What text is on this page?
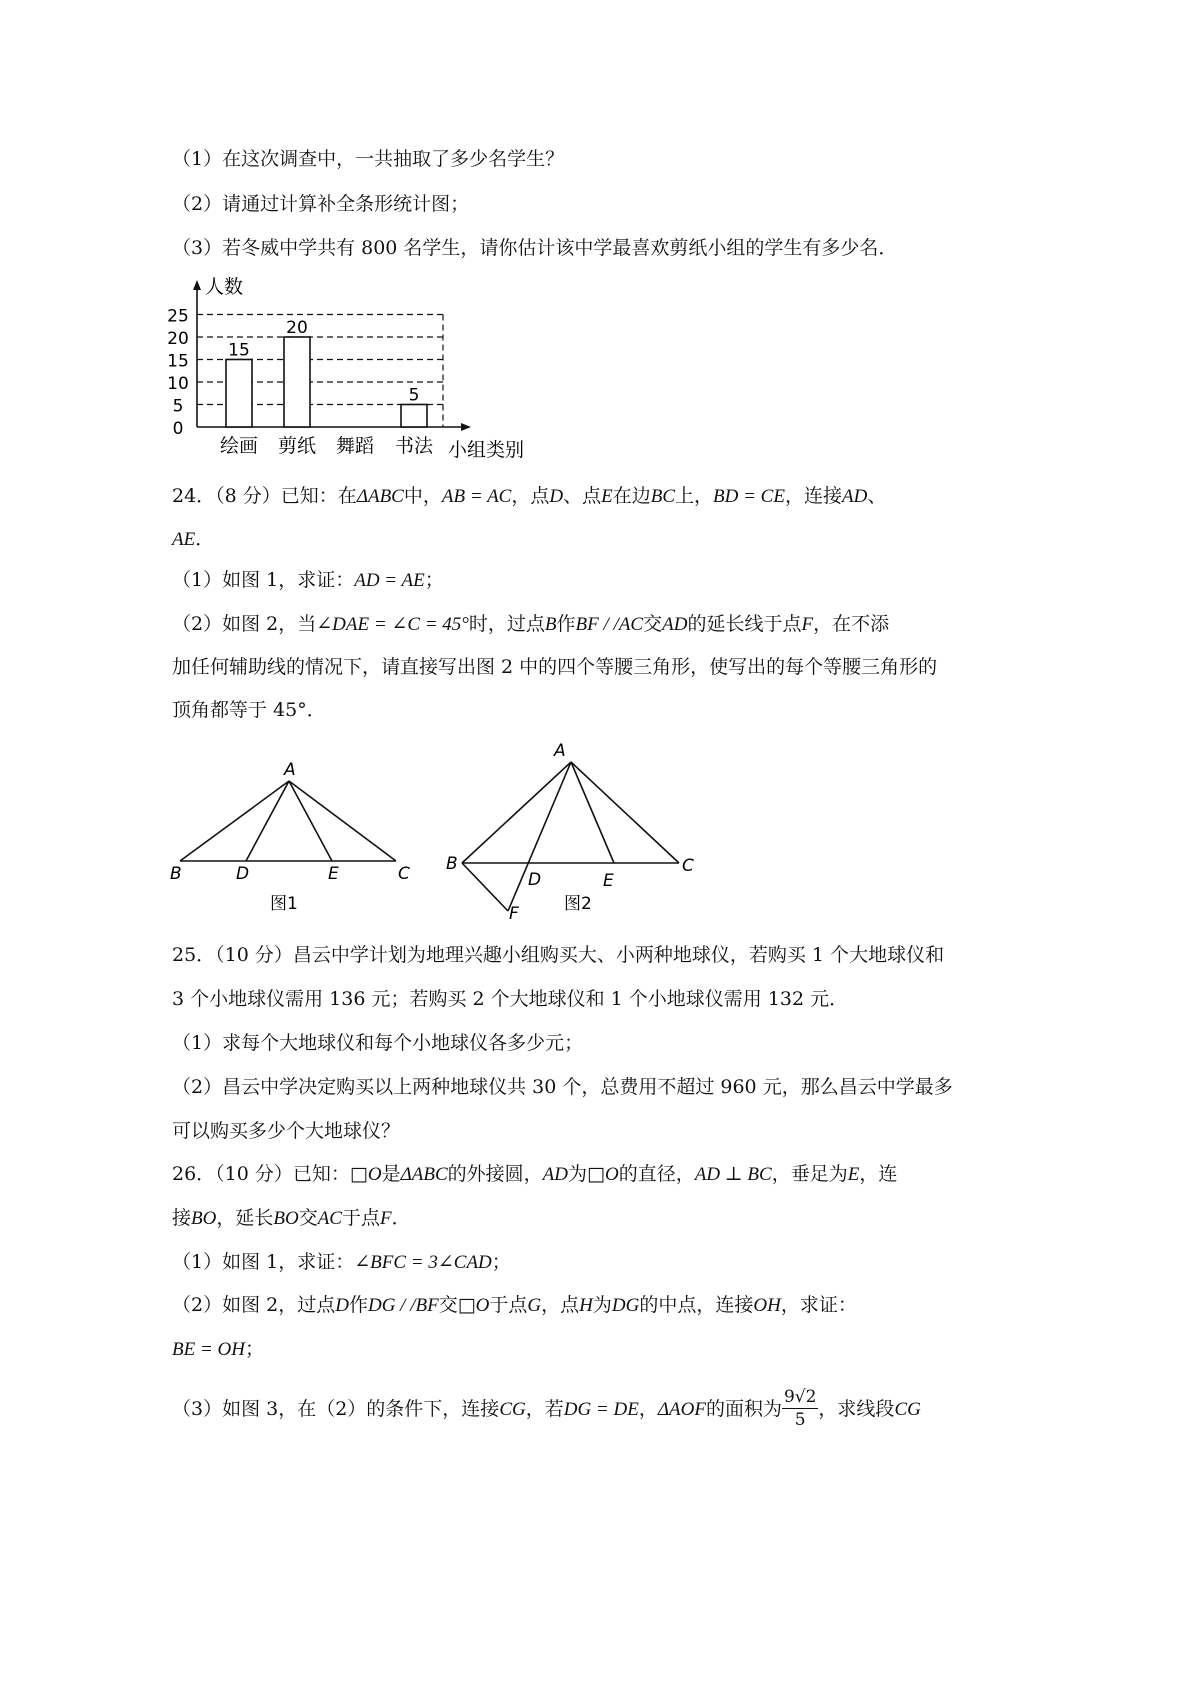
（1）在这次调查中，一共抽取了多少名学生？
（2）请通过计算补全条形统计图；
（3）若冬威中学共有 800 名学生，请你估计该中学最喜欢剪纸小组的学生有多少名．
0
5
10
15
20
25
人数
小组类别
15
绘画
20
剪纸 舞蹈
5
书法
24．（8 分）已知：在ΔABC中，AB = AC，点D、点E在边BC上，BD = CE，连接AD、
AE．
（1）如图 1，求证：AD = AE；
（2）如图 2，当∠DAE = ∠C = 45°时，过点B作BF / /AC交AD的延长线于点F，在不添
加任何辅助线的情况下，请直接写出图 2 中的四个等腰三角形，使写出的每个等腰三角形的
顶角都等于 45°．
A
B	D	E	C
图1
A
B
D	E
C
F	图2
25．（10 分）昌云中学计划为地理兴趣小组购买大、小两种地球仪，若购买 1 个大地球仪和
3 个小地球仪需用 136 元；若购买 2 个大地球仪和 1 个小地球仪需用 132 元．
（1）求每个大地球仪和每个小地球仪各多少元；
（2）昌云中学决定购买以上两种地球仪共 30 个，总费用不超过 960 元，那么昌云中学最多
可以购买多少个大地球仪？
26．（10 分）已知：□O是ΔABC的外接圆，AD为□O的直径，AD ⊥ BC，垂足为E，连
接BO，延长BO交AC于点F．
（1）如图 1，求证：∠BFC = 3∠CAD；
（2）如图 2，过点D作DG / /BF交□O于点G，点H为DG的中点，连接OH，求证：
BE = OH；
（3）如图 3，在（2）的条件下，连接CG，若DG = DE，ΔAOF的面积为 $\frac{9√2}{5}$ ，求线段CG
